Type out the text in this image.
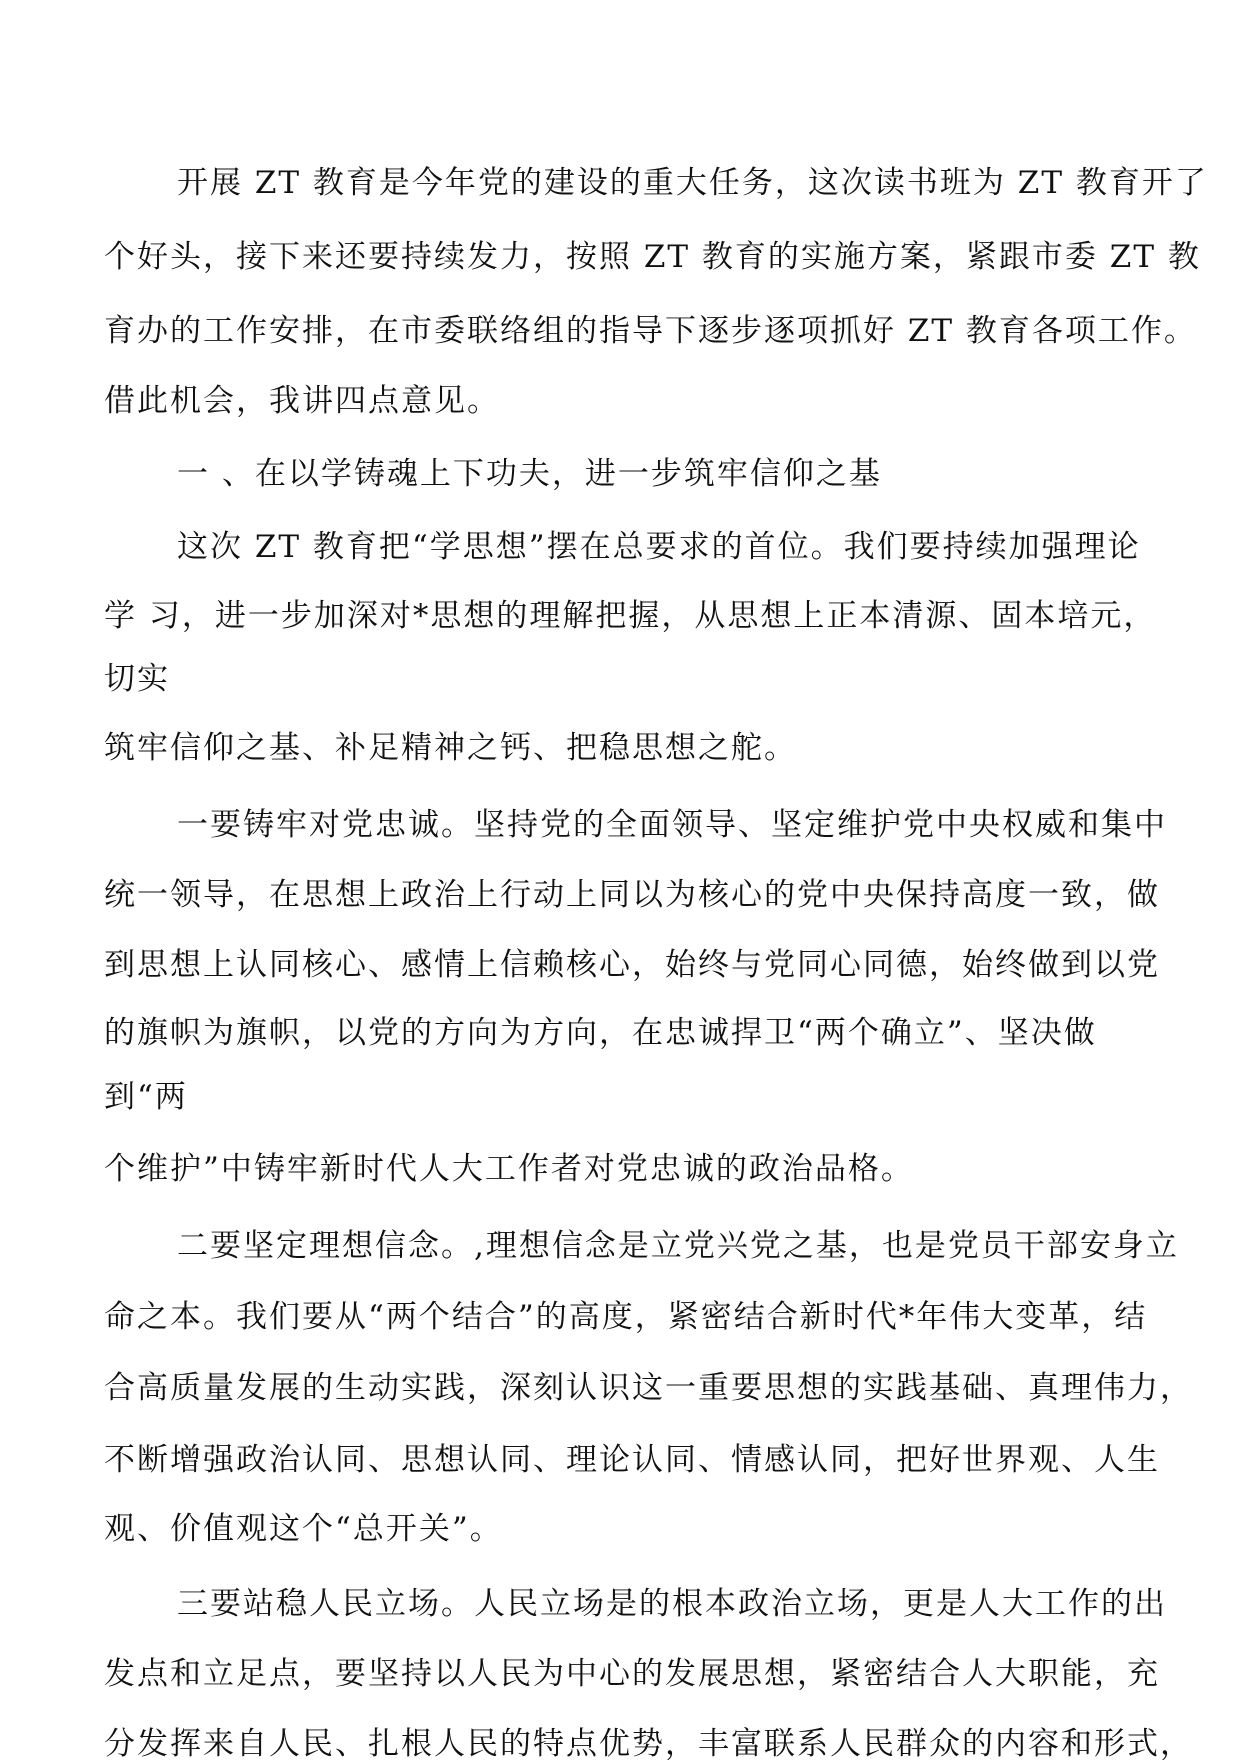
开展 ZT 教育是今年党的建设的重大任务，这次读书班为 ZT 教育开了
个好头，接下来还要持续发力，按照 ZT 教育的实施方案，紧跟市委 ZT 教
育办的工作安排，在市委联络组的指导下逐步逐项抓好 ZT 教育各项工作。
借此机会，我讲四点意见。
一 、在以学铸魂上下功夫，进一步筑牢信仰之基
这次 ZT 教育把“学思想”摆在总要求的首位。我们要持续加强理论
学 习，进一步加深对*思想的理解把握，从思想上正本清源、固本培元，
切实
筑牢信仰之基、补足精神之钙、把稳思想之舵。
一要铸牢对党忠诚。坚持党的全面领导、坚定维护党中央权威和集中
统一领导，在思想上政治上行动上同以为核心的党中央保持高度一致，做
到思想上认同核心、感情上信赖核心，始终与党同心同德，始终做到以党
的旗帜为旗帜，以党的方向为方向，在忠诚捍卫“两个确立”、坚决做
到“两
个维护”中铸牢新时代人大工作者对党忠诚的政治品格。
二要坚定理想信念。,理想信念是立党兴党之基，也是党员干部安身立
命之本。我们要从“两个结合”的高度，紧密结合新时代*年伟大变革，结
合高质量发展的生动实践，深刻认识这一重要思想的实践基础、真理伟力，
不断增强政治认同、思想认同、理论认同、情感认同，把好世界观、人生
观、价值观这个“总开关”。
三要站稳人民立场。人民立场是的根本政治立场，更是人大工作的出
发点和立足点，要坚持以人民为中心的发展思想，紧密结合人大职能，充
分发挥来自人民、扎根人民的特点优势，丰富联系人民群众的内容和形式，
